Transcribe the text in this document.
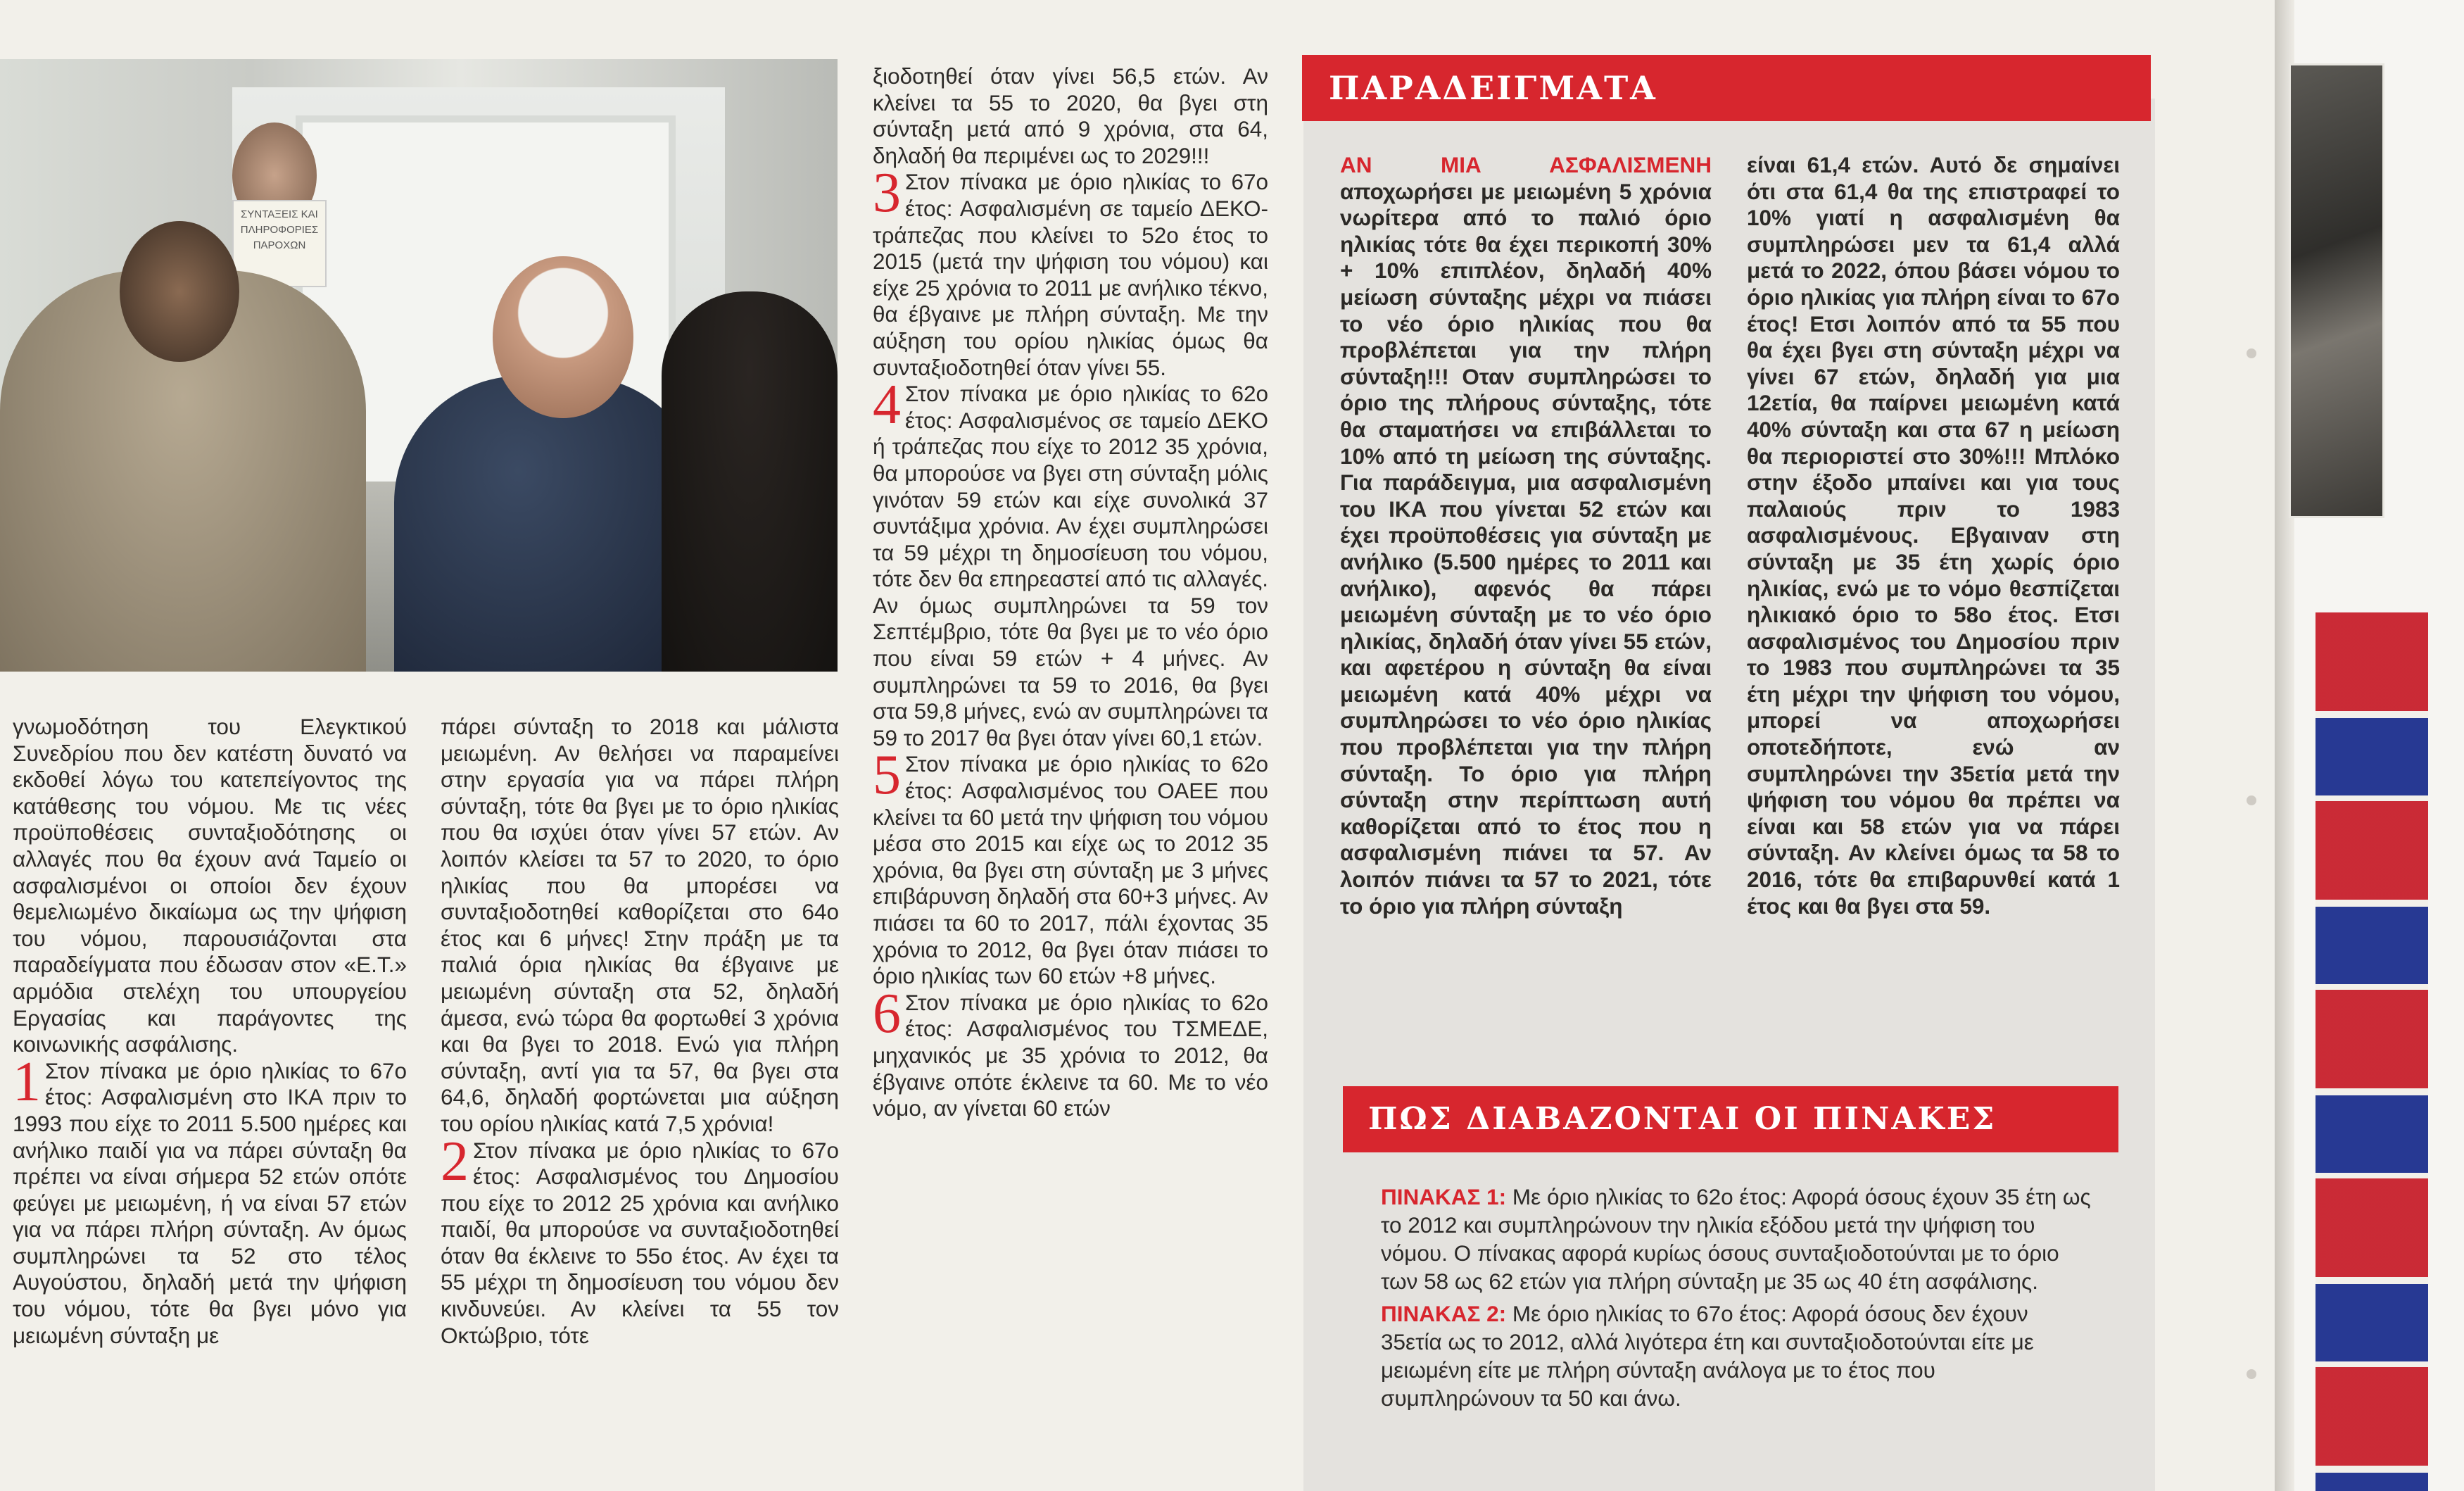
ΣΥΝΤΑΞΕΙΣ ΚΑΙ ΠΛΗΡΟΦΟΡΙΕΣ ΠΑΡΟΧΩΝ

γνωμοδότηση του Ελεγκτικού Συνεδρίου που δεν κατέστη δυνατό να εκδοθεί λόγω του κατεπείγοντος της κατάθεσης του νόμου. Με τις νέες προϋποθέσεις συνταξιοδότησης οι αλλαγές που θα έχουν ανά Ταμείο οι ασφαλισμένοι οι οποίοι δεν έχουν θεμελιωμένο δικαίωμα ως την ψήφιση του νόμου, παρουσιάζονται στα παραδείγματα που έδωσαν στον «Ε.Τ.» αρμόδια στελέχη του υπουργείου Εργασίας και παράγοντες της κοινωνικής ασφάλισης.

1 Στον πίνακα με όριο ηλικίας το 67ο έτος: Ασφαλισμένη στο ΙΚΑ πριν το 1993 που είχε το 2011 5.500 ημέρες και ανήλικο παιδί για να πάρει σύνταξη θα πρέπει να είναι σήμερα 52 ετών οπότε φεύγει με μειωμένη, ή να είναι 57 ετών για να πάρει πλήρη σύνταξη. Αν όμως συμπληρώνει τα 52 στο τέλος Αυγούστου, δηλαδή μετά την ψήφιση του νόμου, τότε θα βγει μόνο για μειωμένη σύνταξη με

πάρει σύνταξη το 2018 και μάλιστα μειωμένη. Αν θελήσει να παραμείνει στην εργασία για να πάρει πλήρη σύνταξη, τότε θα βγει με το όριο ηλικίας που θα ισχύει όταν γίνει 57 ετών. Αν λοιπόν κλείσει τα 57 το 2020, το όριο ηλικίας που θα μπορέσει να συνταξιοδοτηθεί καθορίζεται στο 64ο έτος και 6 μήνες! Στην πράξη με τα παλιά όρια ηλικίας θα έβγαινε με μειωμένη σύνταξη στα 52, δηλαδή άμεσα, ενώ τώρα θα φορτωθεί 3 χρόνια και θα βγει το 2018. Ενώ για πλήρη σύνταξη, αντί για τα 57, θα βγει στα 64,6, δηλαδή φορτώνεται μια αύξηση του ορίου ηλικίας κατά 7,5 χρόνια!

2 Στον πίνακα με όριο ηλικίας το 67ο έτος: Ασφαλισμένος του Δημοσίου που είχε το 2012 25 χρόνια και ανήλικο παιδί, θα μπορούσε να συνταξιοδοτηθεί όταν θα έκλεινε το 55ο έτος. Αν έχει τα 55 μέχρι τη δημοσίευση του νόμου δεν κινδυνεύει. Αν κλείνει τα 55 τον Οκτώβριο, τότε

ξιοδοτηθεί όταν γίνει 56,5 ετών. Αν κλείνει τα 55 το 2020, θα βγει στη σύνταξη μετά από 9 χρόνια, στα 64, δηλαδή θα περιμένει ως το 2029!!!

3 Στον πίνακα με όριο ηλικίας το 67ο έτος: Ασφαλισμένη σε ταμείο ΔΕΚΟ-τράπεζας που κλείνει το 52ο έτος το 2015 (μετά την ψήφιση του νόμου) και είχε 25 χρόνια το 2011 με ανήλικο τέκνο, θα έβγαινε με πλήρη σύνταξη. Με την αύξηση του ορίου ηλικίας όμως θα συνταξιοδοτηθεί όταν γίνει 55.

4 Στον πίνακα με όριο ηλικίας το 62ο έτος: Ασφαλισμένος σε ταμείο ΔΕΚΟ ή τράπεζας που είχε το 2012 35 χρόνια, θα μπορούσε να βγει στη σύνταξη μόλις γινόταν 59 ετών και είχε συνολικά 37 συντάξιμα χρόνια. Αν έχει συμπληρώσει τα 59 μέχρι τη δημοσίευση του νόμου, τότε δεν θα επηρεαστεί από τις αλλαγές. Αν όμως συμπληρώνει τα 59 τον Σεπτέμβριο, τότε θα βγει με το νέο όριο που είναι 59 ετών + 4 μήνες. Αν συμπληρώνει τα 59 το 2016, θα βγει στα 59,8 μήνες, ενώ αν συμπληρώνει τα 59 το 2017 θα βγει όταν γίνει 60,1 ετών.

5 Στον πίνακα με όριο ηλικίας το 62ο έτος: Ασφαλισμένος του ΟΑΕΕ που κλείνει τα 60 μετά την ψήφιση του νόμου μέσα στο 2015 και είχε ως το 2012 35 χρόνια, θα βγει στη σύνταξη με 3 μήνες επιβάρυνση δηλαδή στα 60+3 μήνες. Αν πιάσει τα 60 το 2017, πάλι έχοντας 35 χρόνια το 2012, θα βγει όταν πιάσει το όριο ηλικίας των 60 ετών +8 μήνες.

6 Στον πίνακα με όριο ηλικίας το 62ο έτος: Ασφαλισμένος του ΤΣΜΕΔΕ, μηχανικός με 35 χρόνια το 2012, θα έβγαινε οπότε έκλεινε τα 60. Με το νέο νόμο, αν γίνεται 60 ετών

ΠΑΡΑΔΕΙΓΜΑΤΑ

ΑΝ ΜΙΑ ΑΣΦΑΛΙΣΜΕΝΗ αποχωρήσει με μειωμένη 5 χρόνια νωρίτερα από το παλιό όριο ηλικίας τότε θα έχει περικοπή 30% + 10% επιπλέον, δηλαδή 40% μείωση σύνταξης μέχρι να πιάσει το νέο όριο ηλικίας που θα προβλέπεται για την πλήρη σύνταξη!!! Οταν συμπληρώσει το όριο της πλήρους σύνταξης, τότε θα σταματήσει να επιβάλλεται το 10% από τη μείωση της σύνταξης. Για παράδειγμα, μια ασφαλισμένη του ΙΚΑ που γίνεται 52 ετών και έχει προϋποθέσεις για σύνταξη με ανήλικο (5.500 ημέρες το 2011 και ανήλικο), αφενός θα πάρει μειωμένη σύνταξη με το νέο όριο ηλικίας, δηλαδή όταν γίνει 55 ετών, και αφετέρου η σύνταξη θα είναι μειωμένη κατά 40% μέχρι να συμπληρώσει το νέο όριο ηλικίας που προβλέπεται για την πλήρη σύνταξη. Το όριο για πλήρη σύνταξη στην περίπτωση αυτή καθορίζεται από το έτος που η ασφαλισμένη πιάνει τα 57. Αν λοιπόν πιάνει τα 57 το 2021, τότε το όριο για πλήρη σύνταξη

είναι 61,4 ετών. Αυτό δε σημαίνει ότι στα 61,4 θα της επιστραφεί το 10% γιατί η ασφαλισμένη θα συμπληρώσει μεν τα 61,4 αλλά μετά το 2022, όπου βάσει νόμου το όριο ηλικίας για πλήρη είναι το 67ο έτος! Ετσι λοιπόν από τα 55 που θα έχει βγει στη σύνταξη μέχρι να γίνει 67 ετών, δηλαδή για μια 12ετία, θα παίρνει μειωμένη κατά 40% σύνταξη και στα 67 η μείωση θα περιοριστεί στο 30%!!! Μπλόκο στην έξοδο μπαίνει και για τους παλαιούς πριν το 1983 ασφαλισμένους. Εβγαιναν στη σύνταξη με 35 έτη χωρίς όριο ηλικίας, ενώ με το νόμο θεσπίζεται ηλικιακό όριο το 58ο έτος. Ετσι ασφαλισμένος του Δημοσίου πριν το 1983 που συμπληρώνει τα 35 έτη μέχρι την ψήφιση του νόμου, μπορεί να αποχωρήσει οποτεδήποτε, ενώ αν συμπληρώνει την 35ετία μετά την ψήφιση του νόμου θα πρέπει να είναι και 58 ετών για να πάρει σύνταξη. Αν κλείνει όμως τα 58 το 2016, τότε θα επιβαρυνθεί κατά 1 έτος και θα βγει στα 59.

ΠΩΣ ΔΙΑΒΑΖΟΝΤΑΙ ΟΙ ΠΙΝΑΚΕΣ

ΠΙΝΑΚΑΣ 1: Με όριο ηλικίας το 62ο έτος: Αφορά όσους έχουν 35 έτη ως το 2012 και συμπληρώνουν την ηλικία εξόδου μετά την ψήφιση του νόμου. Ο πίνακας αφορά κυρίως όσους συνταξιοδοτούνται με το όριο των 58 ως 62 ετών για πλήρη σύνταξη με 35 ως 40 έτη ασφάλισης.

ΠΙΝΑΚΑΣ 2: Με όριο ηλικίας το 67ο έτος: Αφορά όσους δεν έχουν 35ετία ως το 2012, αλλά λιγότερα έτη και συνταξιοδοτούνται είτε με μειωμένη είτε με πλήρη σύνταξη ανάλογα με το έτος που συμπληρώνουν τα 50 και άνω.
